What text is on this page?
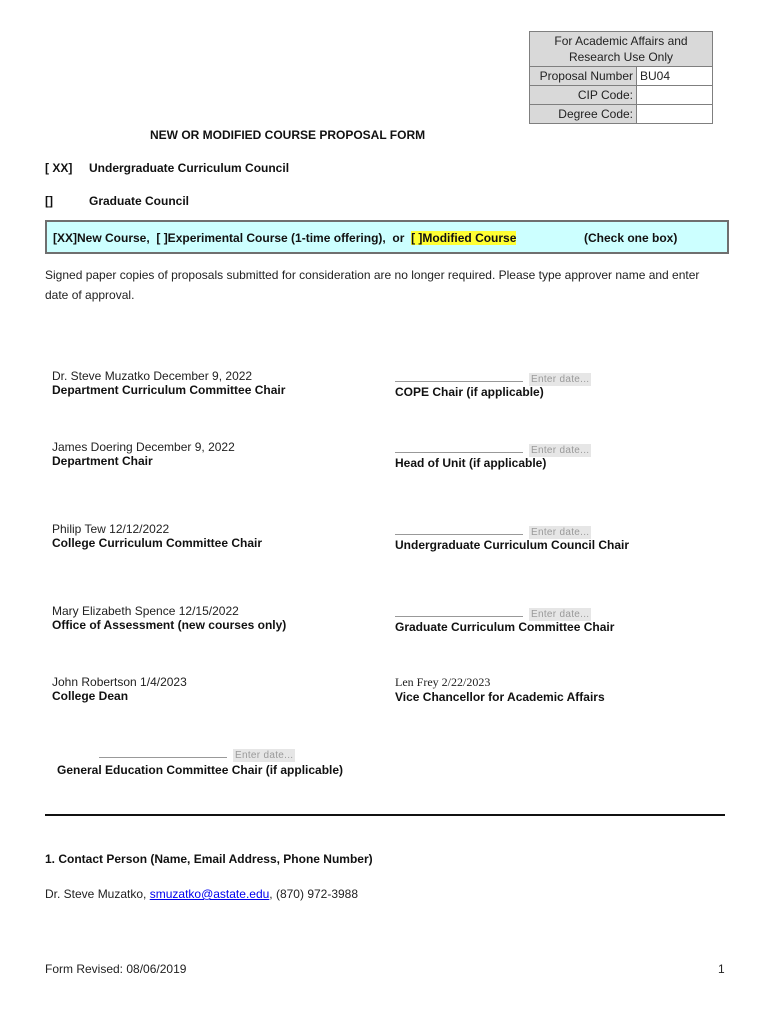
For Academic Affairs and Research Use Only	
Proposal Number	BU04
CIP Code:	
Degree Code:	
NEW OR MODIFIED COURSE PROPOSAL FORM
[ XX] Undergraduate Curriculum Council
[]	Graduate Council
[XX]New Course, [ ]Experimental Course (1-time offering), or [ ]Modified Course	(Check one box)
Signed paper copies of proposals submitted for consideration are no longer required. Please type approver name and enter date of approval.
Dr. Steve Muzatko December 9, 2022
Department Curriculum Committee Chair
James Doering December 9, 2022
Department Chair
Philip Tew 12/12/2022
College Curriculum Committee Chair
Mary Elizabeth Spence 12/15/2022
Office of Assessment (new courses only)
John Robertson 1/4/2023
College Dean
Enter date...
COPE Chair (if applicable)
Enter date...
Head of Unit (if applicable)
Enter date...
Undergraduate Curriculum Council Chair
Enter date...
Graduate Curriculum Committee Chair
Len Frey 2/22/2023
Vice Chancellor for Academic Affairs
Enter date...
General Education Committee Chair (if applicable)
1. Contact Person (Name, Email Address, Phone Number)
Dr. Steve Muzatko, smuzatko@astate.edu, (870) 972-3988
Form Revised: 08/06/2019	1
